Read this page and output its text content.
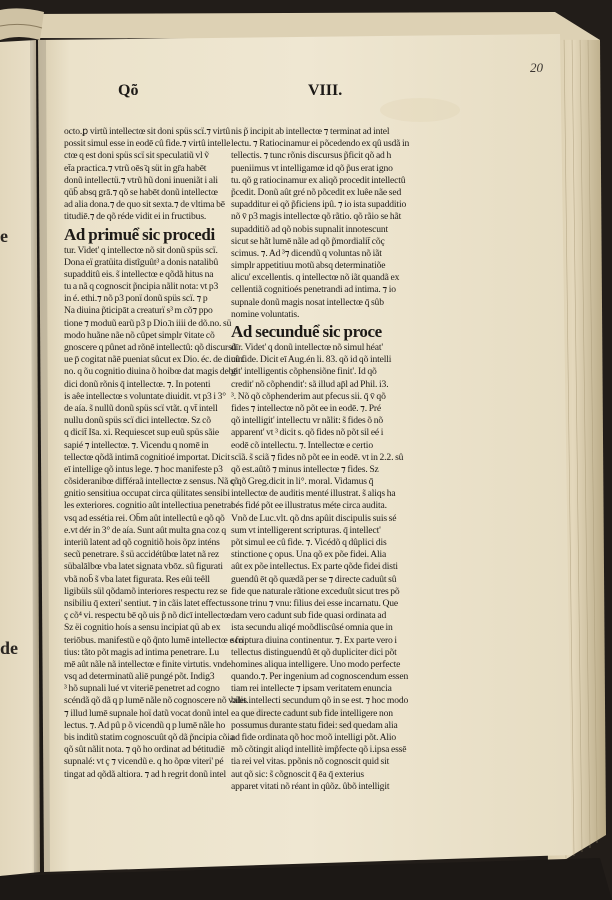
Qõ	VIII.
20
e
de
octo.ꝑ virtũ intellectœ sit doni spüs scï.⁊ virtû
possit simul esse in eodē cû fide.⁊ virtû intelle
ctœ q est doni spüs scï sit speculatiũ vl ṽ
et̄a practica.⁊ vtrũ oēs ̄q süt in gr̄a habēt
donũ intellectü.⁊ vtrũ hũ doni inueniãt i ali
qüb̄ absq grā.⁊ qõ se habēt donũ intellectœ
ad alia dona.⁊ de quo sit sexta.⁊ de vltima bē
titudiē.⁊ de qõ réde vidit ei in fructibus.
Ad primuể sic procedi
tur. Videt' q intellectœ nõ sit donũ spüs scï.
Dona eï gratüita distĩguût³ a donis natalibû
supadditû eis. s̃ intellectœ e qõdã hitus na
tu a nã q cognoscit p̃ncipia nãlit nota: vt p3
in é. ethi.⁊ nõ p3 ponï donũ spüs scï. ⁊ p
Na diuina p̃ticipāt a creaturï s³ m cõ⁊ ppo
tione ⁊ moduũ earũ p3 p Dio.̄n iiii de dõ.no. sü
modo huãne nãe nõ cûpet simplr v̄itate cõ
gnoscere q pûnet ad rõnē intellectû: qõ discursũ
ue p̄ cogitat nãē pueniat sûcut ex Dio. éc. de diuin.
no. q õu cognitio diuina õ hoibœ dat magis debē
dici donũ rõnis q̄ intellectœ. ⁊. In potenti
is aêe intellectœ s voluntate diuidit. vt p3 i 3°
de aía. s̃ nullũ donũ spüs scï vtãt. q vt̄ intell
nullu donũ spüs scï dici intellectœ. Sz cõ
q dicit̄ Is̄a. xi. Requiescet sup euũ spüs sãie
sapié ⁊ intellectœ. ⁊. Vicendu q nomē in
tellectœ qõdã intimā cognitioé importat. Dicit
eī intellige qõ intus lege. ⁊ hoc manifeste p3
cõsideranibœ différaã intellectœ z sensus. Nã cõ
gnitio sensitiua occupat circa qülitates sensibi
les exteriores. cognitio aût intellectiua penetrat
vsq ad essétia rei. Ob̄m aût intellectû e qõ qõ
e.vt dér in 3° de aía. Sunt aût multa gna coz q
interiũ latent ad qõ cognitiõ hois õpz inténs
secũ penetrare. s̃ sü accidétûbœ latet nã rez
sübalālbœ vba latet signata vbōz. sû figurati
vbã nob̄ s̃ vba latet figurata. Res eûi teêll
ligibüls sül qõdamõ interiores respectu rez se
nsibiliu q̄ exteri' sentiut. ⁊ in cãis latet effectus.
ç cõ⁴ vi. respectu bē qõ uis p̃ nõ dicī intellectœ.
Sz ëi cognitio hoís a sensu incipiat qü ab ex
teriōbus. manifestũ e qõ q̃nto lumē intellectœ e fo
tius: tãto põt magis ad intima penetrare. Lu
mē aût nãle nã intellectœ e finite virtutis. vnde
vsq ad determinatũ aliē pungé põt. Indig3
³ hõ supnali lué vt viteriē penetret ad cogno
scéndã qõ dã q p lumē nãle nõ cognoscere nõ valet.
⁊ illud lumē supnale hoï datũ vocat donũ intel
lectus. ⁊. Ad pû p ̃o vicendũ q p lumē nãle ho
bis inditũ statim cognoscuût qõ dã p̃ncipia cõia
qõ sût nãlit nota. ⁊ qõ ho ordinat ad bétitudiē
supnalé: vt ç ⁊ vicendũ e. q ho õpœ viteri' pé
tingat ad qõdã altiora. ⁊ ad h regrit donũ intel
nis p̃ incipit ab intellectœ ⁊ terminat ad intel
lectu. ⁊ Ratiocinamur ei põcedendo ex qû usdã in
tellectis. ⁊ tunc rõnis discursus p̃ficit qõ ad h
pueniimus vt intelligamœ id qõ p̃us erat igno
tu. qõ g ratiocinamur ex aliqõ procedit intellectû
p̃cedit. Donũ aût gré nõ põcedit ex luêe nãe sed
supadditur ei qõ p̃ficiens ipû. ⁊ io ista supadditio
nõ v̄ p3 magis intellectœ qõ rãtio. qõ rãio se hãt
supadditiõ ad qõ nobis supnalit innotescunt
sicut se hãt lumē nãle ad qõ p̃mordialit̄ cõç
scimus. ⁊. Ad ³⁊ dicendũ q voluntas nõ iãt
simplr appetitiuu motũ absq determinatiõe
alicu' excellentis. q intellectœ nõ iãt quandã ex
cellentiã cognitioés penetrandi ad intima. ⁊ io
supnale donũ magis nosat intellectœ q̄ sûb
nomine voluntatis.
Ad secunduể sic proce
dīr. Videt' q donũ intellectœ nõ simul héat'
cû fide. Dicit eī Aug.én li. 83. qõ id qõ intelli
git' intelligentis cõphensiõne finit'. Id qõ
credit' nõ cõphendit': sã illud ap̄l ad Phil. i3.
³. Nõ qõ cõphenderim aut pfecus sii. q̄ v̄ qõ
fides ⁊ intellectœ nõ põt ee in eodē. ⁊. Pré
qõ intelligit' intellectu vr nãlit: s̃ fides õ nõ
apparent' vt ³ dicit s. qõ fides nõ põt sil eé i
eodē cõ intellectu. ⁊. Intellectœ e certio
scïã. s̃ sciã ⁊ fides nõ põt ee in eodē. vt in 2.2. sû
qõ est.aûtõ ⁊ minus intellectœ ⁊ fides. Sz
ç qõ Greg.dicit in li°. moral. Vidamus q̄
intellectœ de auditis menté illustrat. s̃ aliqs ha
bés fidé põt ee illustratus méte circa audita.
Vnõ de Luc.vlt. qõ dns apûit discipulis suis sé
sum vt intelligerent scripturas. q̄ intellect'
põt simul ee cû fide. ⁊. Vicédõ q dûplici dis
stinctione ç opus. Una qõ ex põe fidei. Alia
aût ex põe intellectus. Ex parte qõde fidei disti
guendû ēt qõ quædã per se ⁊ directe caduût sû
fide que naturale rãtione exceduût sicut tres põ
sone trinu ⁊ vnu: filius dei esse incarnatu. Que
dam vero cadunt sub fide quasi ordinata ad
ista secundu aliqé moõdliscûsé omnia que in
scriptura diuina continentur. ⁊. Ex parte vero i
tellectus distinguendû ēt qõ dupliciter dici põt
homines aliqua intelligere. Uno modo perfecte
quando.⁊. Per ingenium ad cognoscendum essen
tiam rei intellecte ⁊ ipsam veritatem enuncia
bilis intellecti secundum qõ in se est. ⁊ hoc modo
ea que directe cadunt sub fide intelligere non
possumus durante statu fidei: sed quedam alia
ad fide ordinata qõ hoc moõ intelligi põt. Alio
mõ cõtingit aliqd intellitè imp̃fecte qõ i.ipsa essē
tia rei vel vitas. ppõnis nõ cognoscit quid sit
aut qõ sic: s̃ cõgnoscit q̄ ēa q̄ exterius
apparet vitati nõ réant in qûõz. ûbõ intelligit
